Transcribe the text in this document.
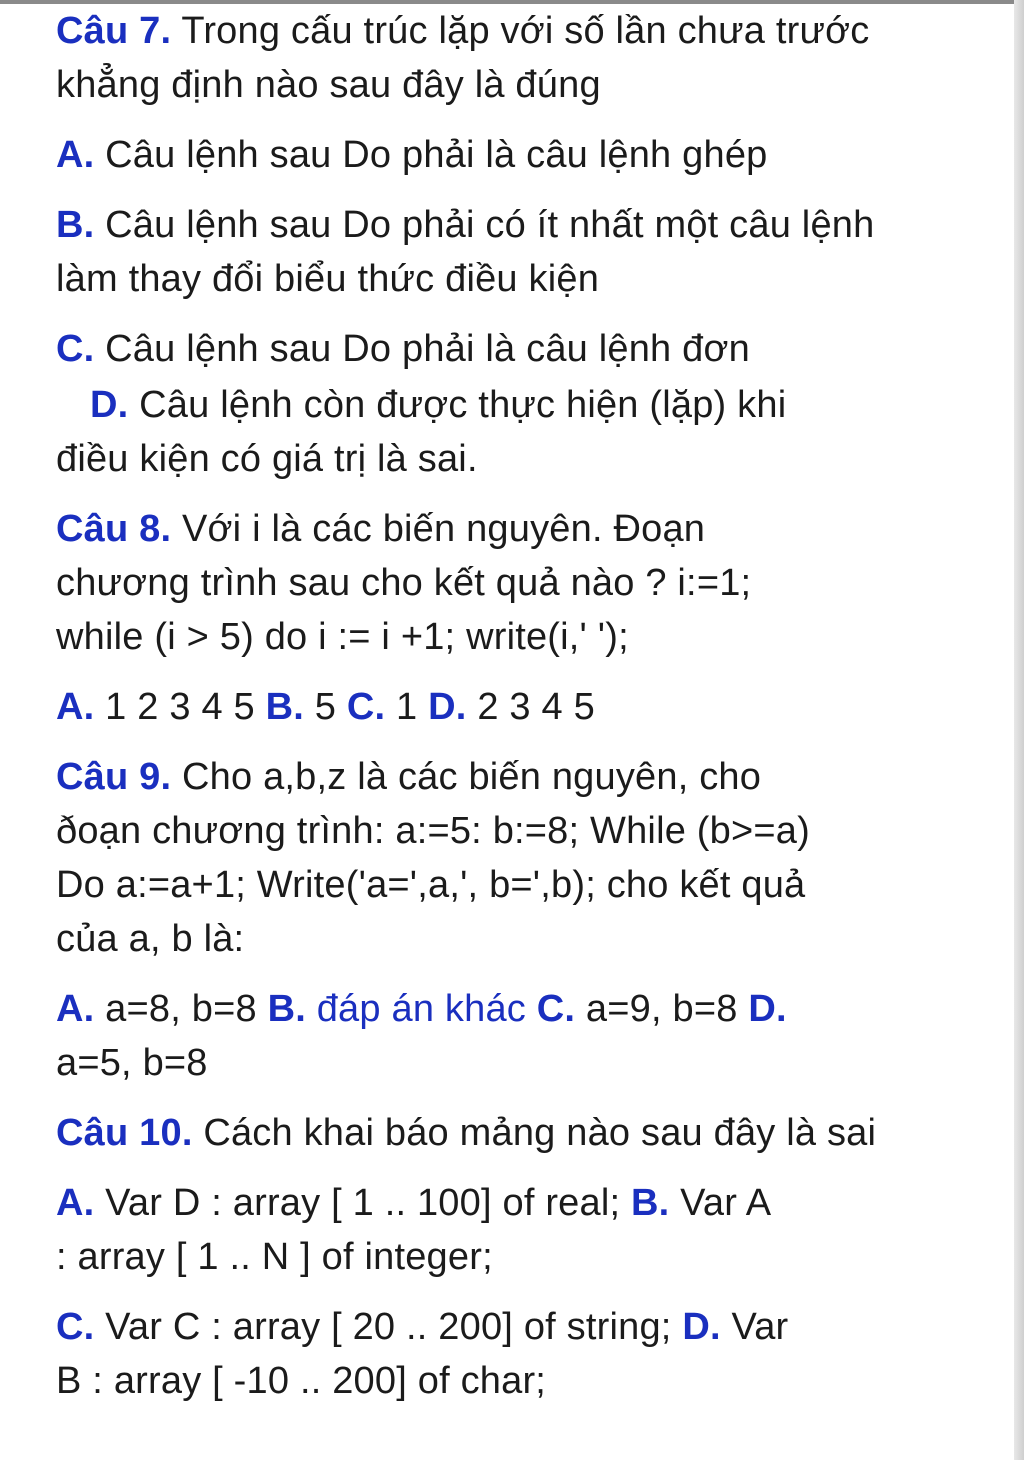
Câu 7. Trong cấu trúc lặp với số lần chưa trước khẳng định nào sau đây là đúng
A. Câu lệnh sau Do phải là câu lệnh ghép
B. Câu lệnh sau Do phải có ít nhất một câu lệnh làm thay đổi biểu thức điều kiện
C. Câu lệnh sau Do phải là câu lệnh đơn
D. Câu lệnh còn được thực hiện (lặp) khi
điều kiện có giá trị là sai.
Câu 8. Với i là các biến nguyên. Đoạn
chương trình sau cho kết quả nào ? i:=1;
while (i > 5) do i := i +1; write(i,' ');
A. 1 2 3 4 5 B. 5 C. 1 D. 2 3 4 5
Câu 9. Cho a,b,z là các biến nguyên, cho
ðoạn chương trình: a:=5: b:=8; While (b>=a)
Do a:=a+1; Write('a=',a,', b=',b); cho kết quả
của a, b là:
A. a=8, b=8 B. đáp án khác C. a=9, b=8 D.
a=5, b=8
Câu 10. Cách khai báo mảng nào sau đây là sai
A. Var D : array [ 1 .. 100] of real; B. Var A
: array [ 1 .. N ] of integer;
C. Var C : array [ 20 .. 200] of string; D. Var
B : array [ -10 .. 200] of char;
